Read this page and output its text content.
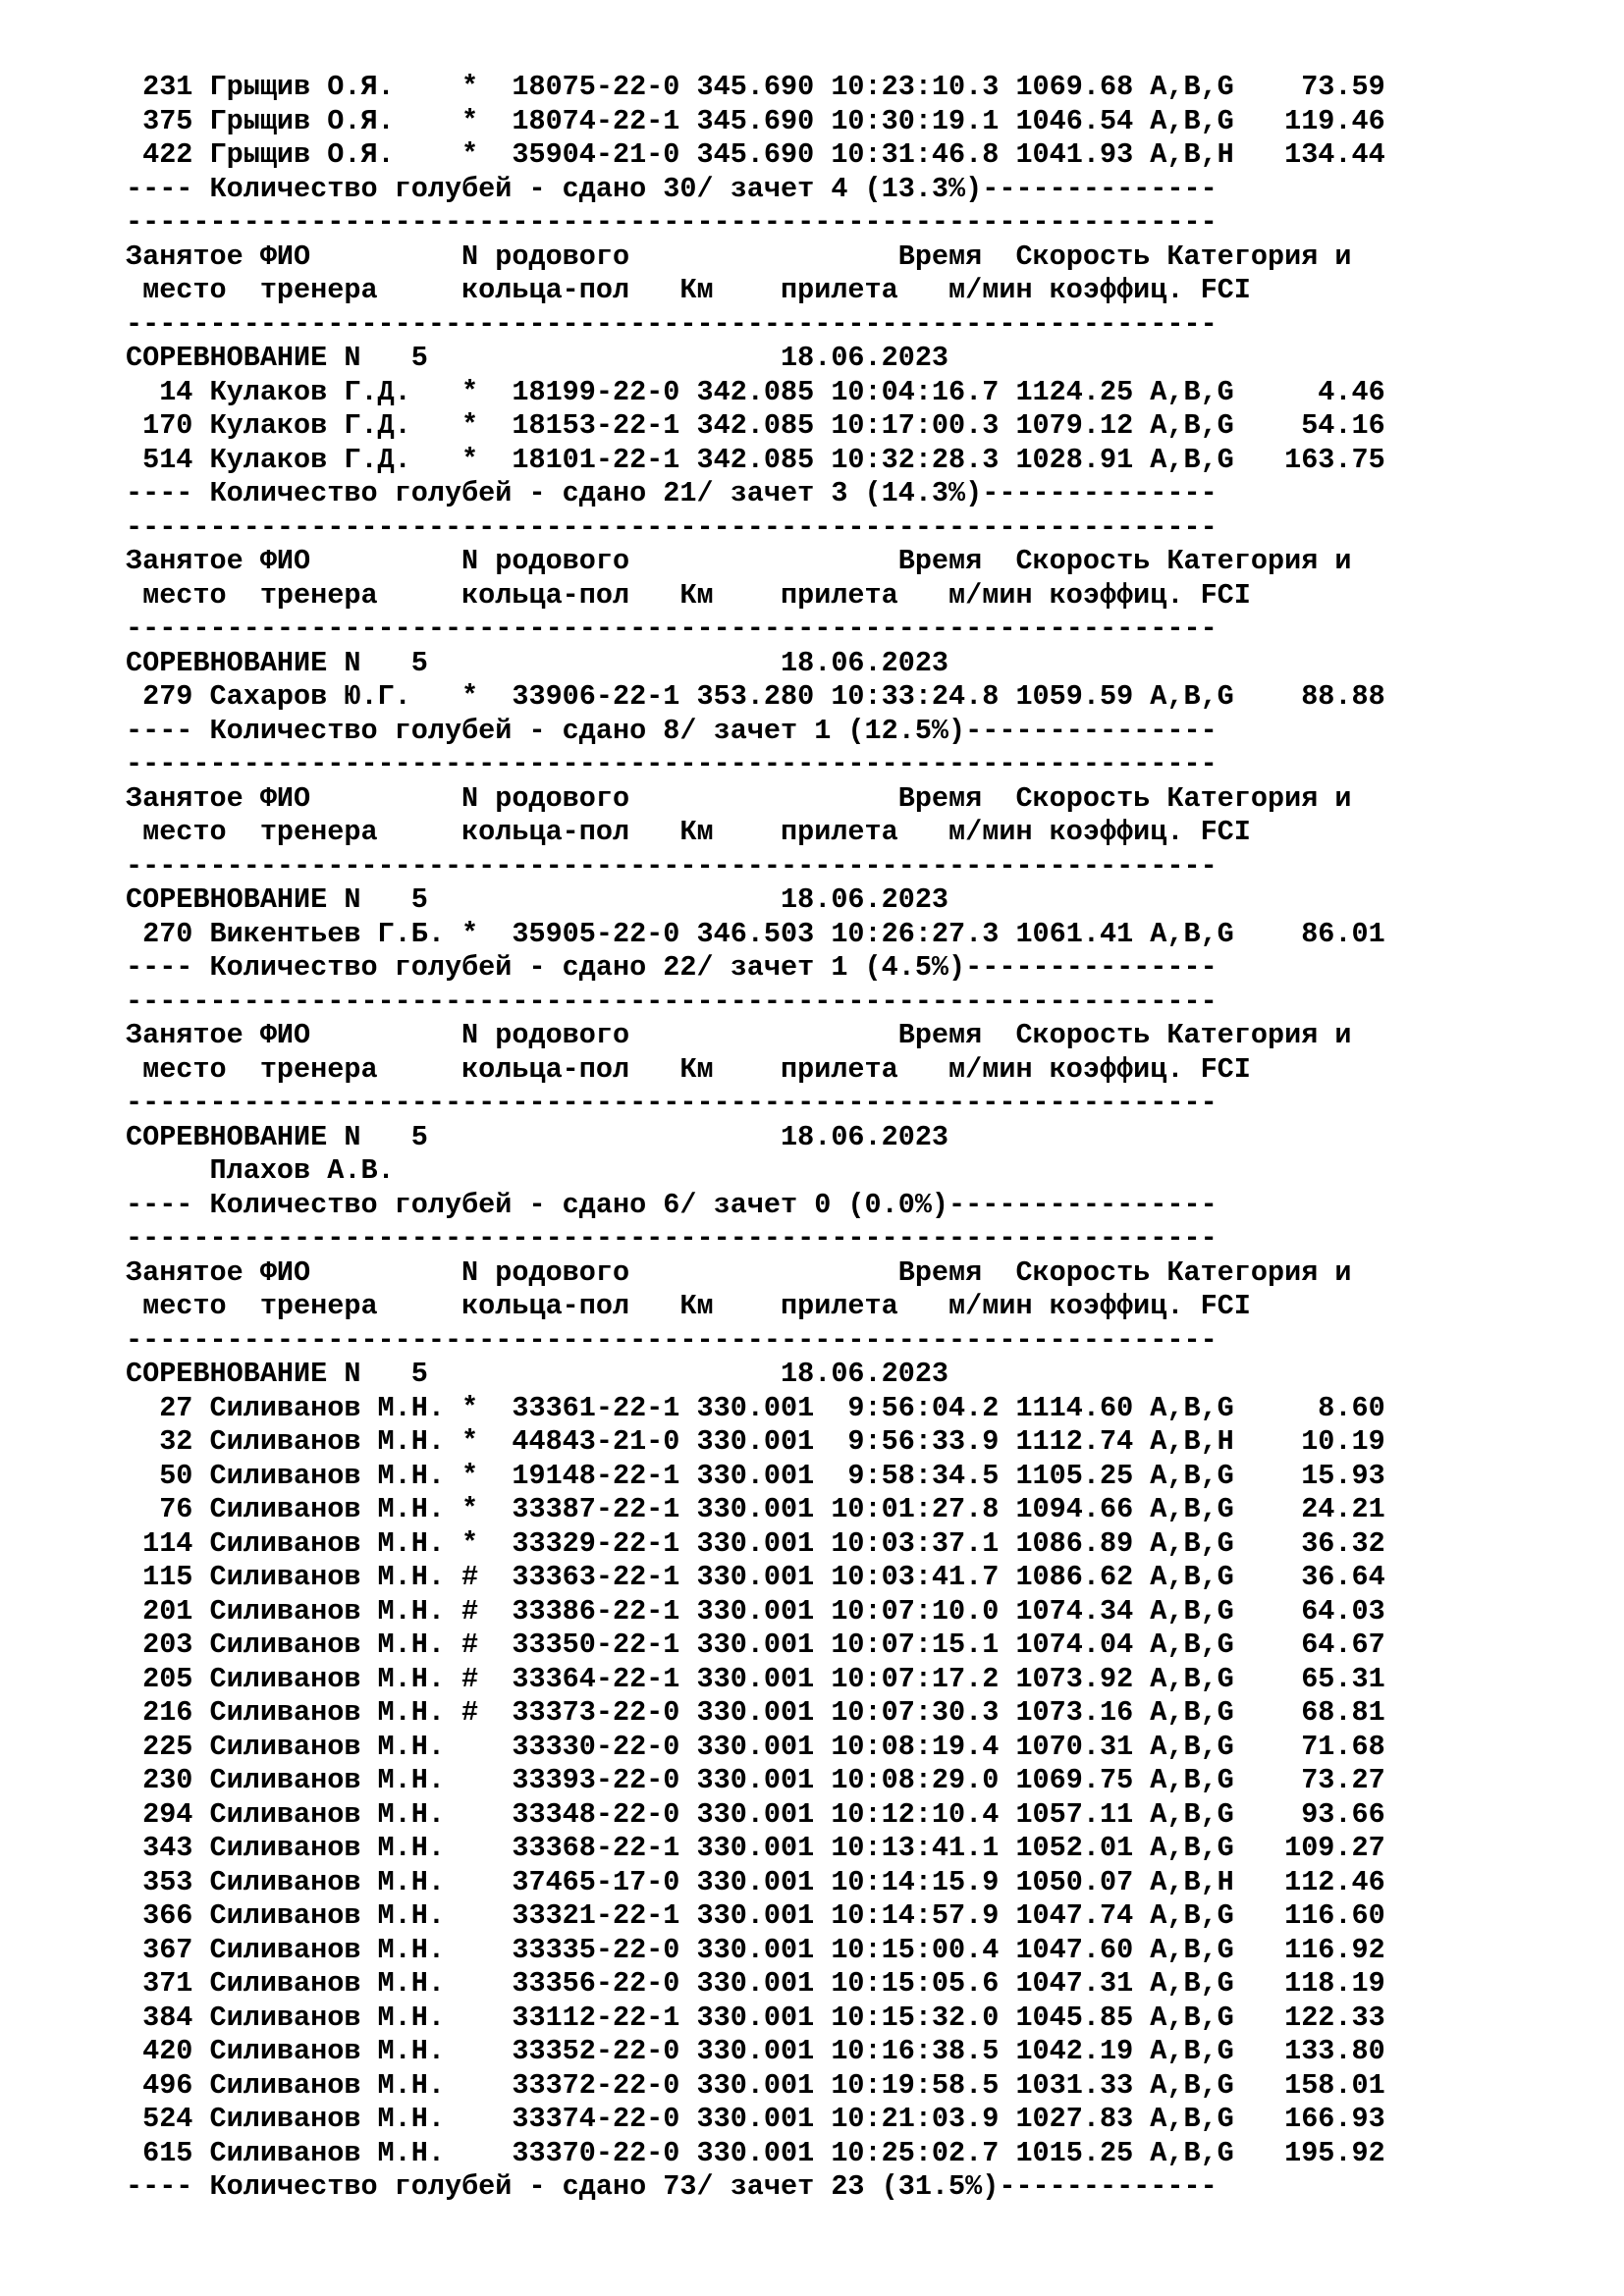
231 Грыщив О.Я.    *  18075-22-0 345.690 10:23:10.3 1069.68 A,B,G    73.59
375 Грыщив О.Я.    *  18074-22-1 345.690 10:30:19.1 1046.54 A,B,G   119.46
422 Грыщив О.Я.    *  35904-21-0 345.690 10:31:46.8 1041.93 A,B,H   134.44
---- Количество голубей - сдано 30/ зачет 4 (13.3%)--------------
-----------------------------------------------------------------
Занятое ФИО         N родового                Время  Скорость Категория и
место  тренера     кольца-пол   Км    прилета   м/мин коэффиц. FCI
-----------------------------------------------------------------
СОРЕВНОВАНИЕ N   5                     18.06.2023
14 Кулаков Г.Д.   *  18199-22-0 342.085 10:04:16.7 1124.25 A,B,G     4.46
170 Кулаков Г.Д.   *  18153-22-1 342.085 10:17:00.3 1079.12 A,B,G    54.16
514 Кулаков Г.Д.   *  18101-22-1 342.085 10:32:28.3 1028.91 A,B,G   163.75
---- Количество голубей - сдано 21/ зачет 3 (14.3%)--------------
-----------------------------------------------------------------
Занятое ФИО         N родового                Время  Скорость Категория и
место  тренера     кольца-пол   Км    прилета   м/мин коэффиц. FCI
-----------------------------------------------------------------
СОРЕВНОВАНИЕ N   5                     18.06.2023
279 Сахаров Ю.Г.   *  33906-22-1 353.280 10:33:24.8 1059.59 A,B,G    88.88
---- Количество голубей - сдано 8/ зачет 1 (12.5%)---------------
-----------------------------------------------------------------
Занятое ФИО         N родового                Время  Скорость Категория и
место  тренера     кольца-пол   Км    прилета   м/мин коэффиц. FCI
-----------------------------------------------------------------
СОРЕВНОВАНИЕ N   5                     18.06.2023
270 Викентьев Г.Б. *  35905-22-0 346.503 10:26:27.3 1061.41 A,B,G    86.01
---- Количество голубей - сдано 22/ зачет 1 (4.5%)---------------
-----------------------------------------------------------------
Занятое ФИО         N родового                Время  Скорость Категория и
место  тренера     кольца-пол   Км    прилета   м/мин коэффиц. FCI
-----------------------------------------------------------------
СОРЕВНОВАНИЕ N   5                     18.06.2023
Плахов А.В.
---- Количество голубей - сдано 6/ зачет 0 (0.0%)----------------
-----------------------------------------------------------------
Занятое ФИО         N родового                Время  Скорость Категория и
место  тренера     кольца-пол   Км    прилета   м/мин коэффиц. FCI
-----------------------------------------------------------------
СОРЕВНОВАНИЕ N   5                     18.06.2023
27 Силиванов М.Н. *  33361-22-1 330.001  9:56:04.2 1114.60 A,B,G     8.60
32 Силиванов М.Н. *  44843-21-0 330.001  9:56:33.9 1112.74 A,B,H    10.19
50 Силиванов М.Н. *  19148-22-1 330.001  9:58:34.5 1105.25 A,B,G    15.93
76 Силиванов М.Н. *  33387-22-1 330.001 10:01:27.8 1094.66 A,B,G    24.21
114 Силиванов М.Н. *  33329-22-1 330.001 10:03:37.1 1086.89 A,B,G    36.32
115 Силиванов М.Н. #  33363-22-1 330.001 10:03:41.7 1086.62 A,B,G    36.64
201 Силиванов М.Н. #  33386-22-1 330.001 10:07:10.0 1074.34 A,B,G    64.03
203 Силиванов М.Н. #  33350-22-1 330.001 10:07:15.1 1074.04 A,B,G    64.67
205 Силиванов М.Н. #  33364-22-1 330.001 10:07:17.2 1073.92 A,B,G    65.31
216 Силиванов М.Н. #  33373-22-0 330.001 10:07:30.3 1073.16 A,B,G    68.81
225 Силиванов М.Н.    33330-22-0 330.001 10:08:19.4 1070.31 A,B,G    71.68
230 Силиванов М.Н.    33393-22-0 330.001 10:08:29.0 1069.75 A,B,G    73.27
294 Силиванов М.Н.    33348-22-0 330.001 10:12:10.4 1057.11 A,B,G    93.66
343 Силиванов М.Н.    33368-22-1 330.001 10:13:41.1 1052.01 A,B,G   109.27
353 Силиванов М.Н.    37465-17-0 330.001 10:14:15.9 1050.07 A,B,H   112.46
366 Силиванов М.Н.    33321-22-1 330.001 10:14:57.9 1047.74 A,B,G   116.60
367 Силиванов М.Н.    33335-22-0 330.001 10:15:00.4 1047.60 A,B,G   116.92
371 Силиванов М.Н.    33356-22-0 330.001 10:15:05.6 1047.31 A,B,G   118.19
384 Силиванов М.Н.    33112-22-1 330.001 10:15:32.0 1045.85 A,B,G   122.33
420 Силиванов М.Н.    33352-22-0 330.001 10:16:38.5 1042.19 A,B,G   133.80
496 Силиванов М.Н.    33372-22-0 330.001 10:19:58.5 1031.33 A,B,G   158.01
524 Силиванов М.Н.    33374-22-0 330.001 10:21:03.9 1027.83 A,B,G   166.93
615 Силиванов М.Н.    33370-22-0 330.001 10:25:02.7 1015.25 A,B,G   195.92
---- Количество голубей - сдано 73/ зачет 23 (31.5%)-------------
